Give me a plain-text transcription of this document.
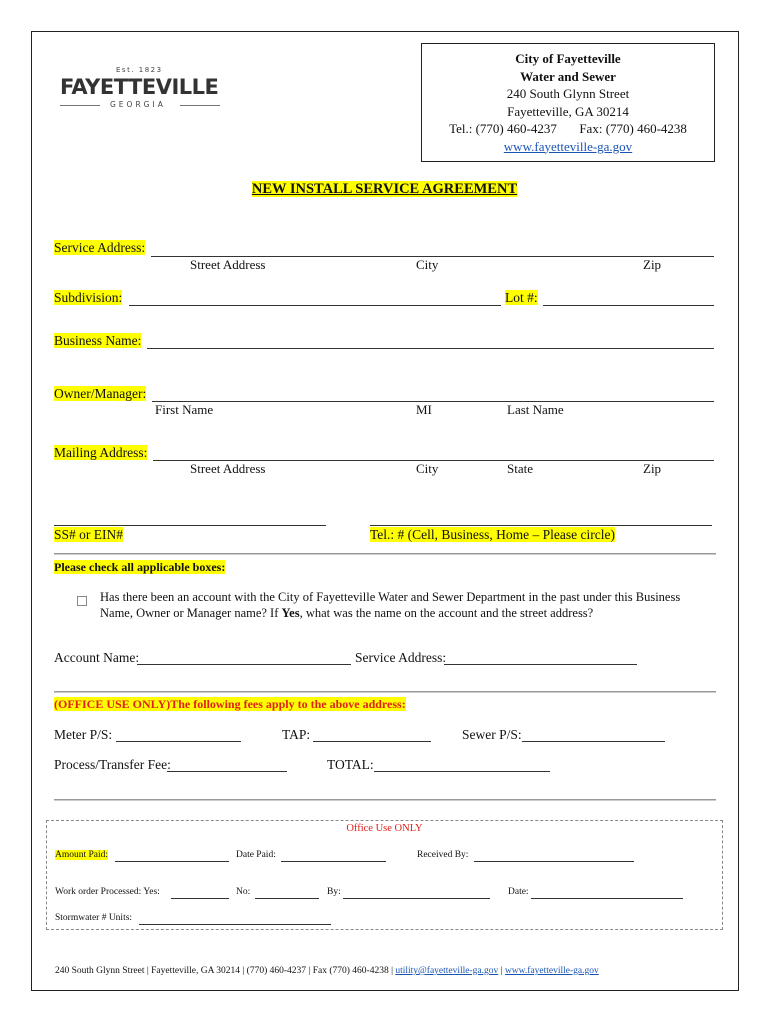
Est. 1823
FAYETTEVILLE
GEORGIA
City of Fayetteville
Water and Sewer
240 South Glynn Street
Fayetteville, GA 30214
Tel.: (770) 460-4237 Fax: (770) 460-4238
www.fayetteville-ga.gov
NEW INSTALL SERVICE AGREEMENT
Service Address:
Street Address	City	Zip
Subdivision:	Lot #:
Business Name:
Owner/Manager:
First Name	MI	Last Name
Mailing Address:
Street Address	City	State	Zip
SS# or EIN#	Tel.: # (Cell, Business, Home – Please circle)
Please check all applicable boxes:
Has there been an account with the City of Fayetteville Water and Sewer Department in the past under this Business
Name, Owner or Manager name? If Yes, what was the name on the account and the street address?
Account Name:	Service Address:
(OFFICE USE ONLY)The following fees apply to the above address:
Meter P/S:	TAP:	Sewer P/S:
Process/Transfer Fee:	TOTAL:
Office Use ONLY
Amount Paid:	Date Paid:	Received By:
Work order Processed: Yes:	No:	By:	Date:
Stormwater # Units:
240 South Glynn Street | Fayetteville, GA 30214 | (770) 460-4237 | Fax (770) 460-4238 | utility@fayetteville-ga.gov | www.fayetteville-ga.gov
